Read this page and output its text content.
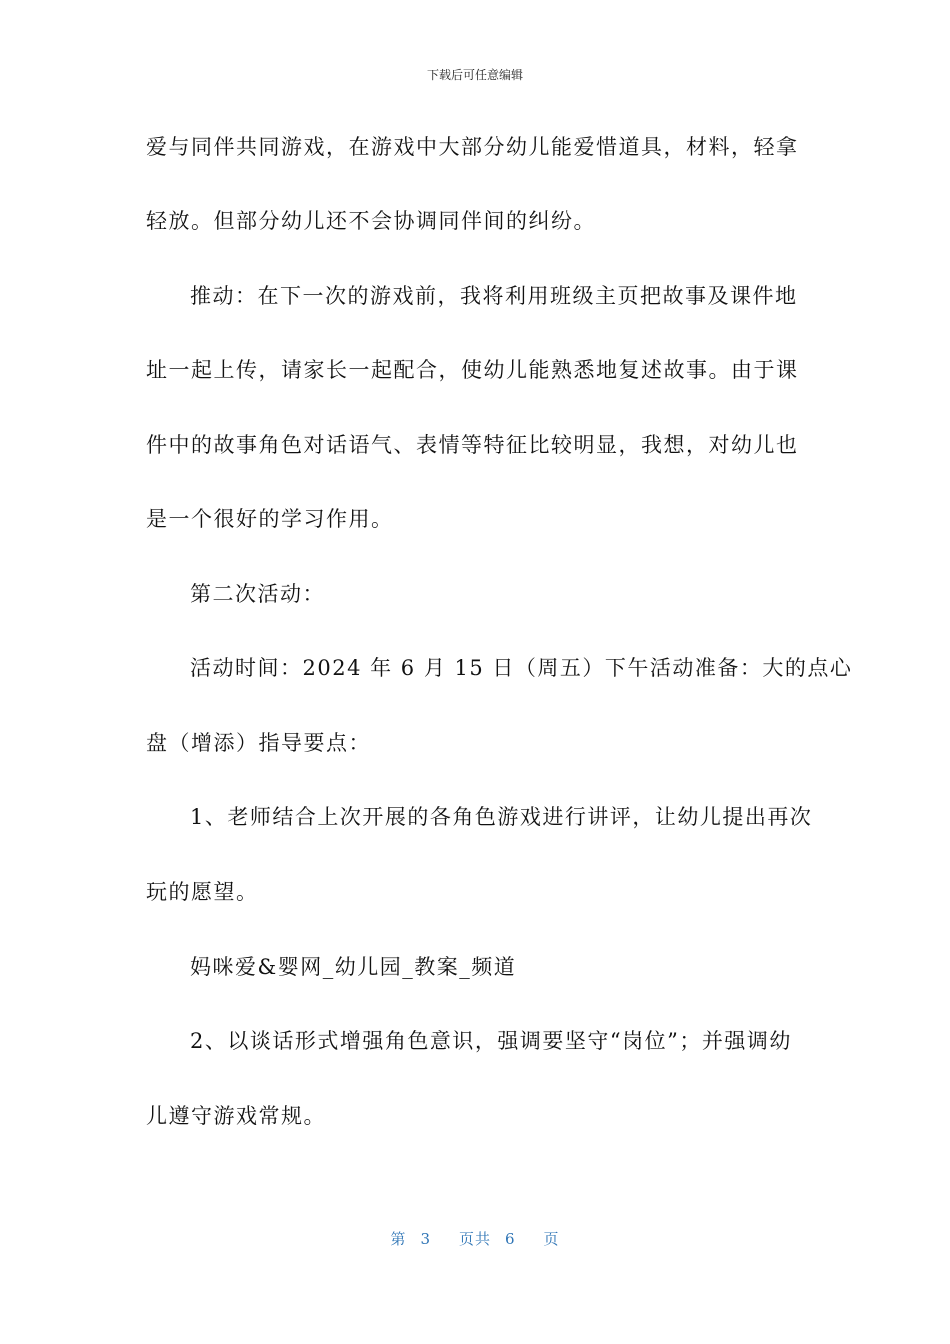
下载后可任意编辑
爱与同伴共同游戏，在游戏中大部分幼儿能爱惜道具，材料，轻拿
轻放。但部分幼儿还不会协调同伴间的纠纷。
推动：在下一次的游戏前，我将利用班级主页把故事及课件地
址一起上传，请家长一起配合，使幼儿能熟悉地复述故事。由于课
件中的故事角色对话语气、表情等特征比较明显，我想，对幼儿也
是一个很好的学习作用。
第二次活动：
活动时间：2024 年 6 月 15 日（周五）下午活动准备：大的点心
盘（增添）指导要点：
1、老师结合上次开展的各角色游戏进行讲评，让幼儿提出再次
玩的愿望。
妈咪爱&婴网_幼儿园_教案_频道
2、以谈话形式增强角色意识，强调要坚守“岗位”；并强调幼
儿遵守游戏常规。
第 3 页共 6 页
